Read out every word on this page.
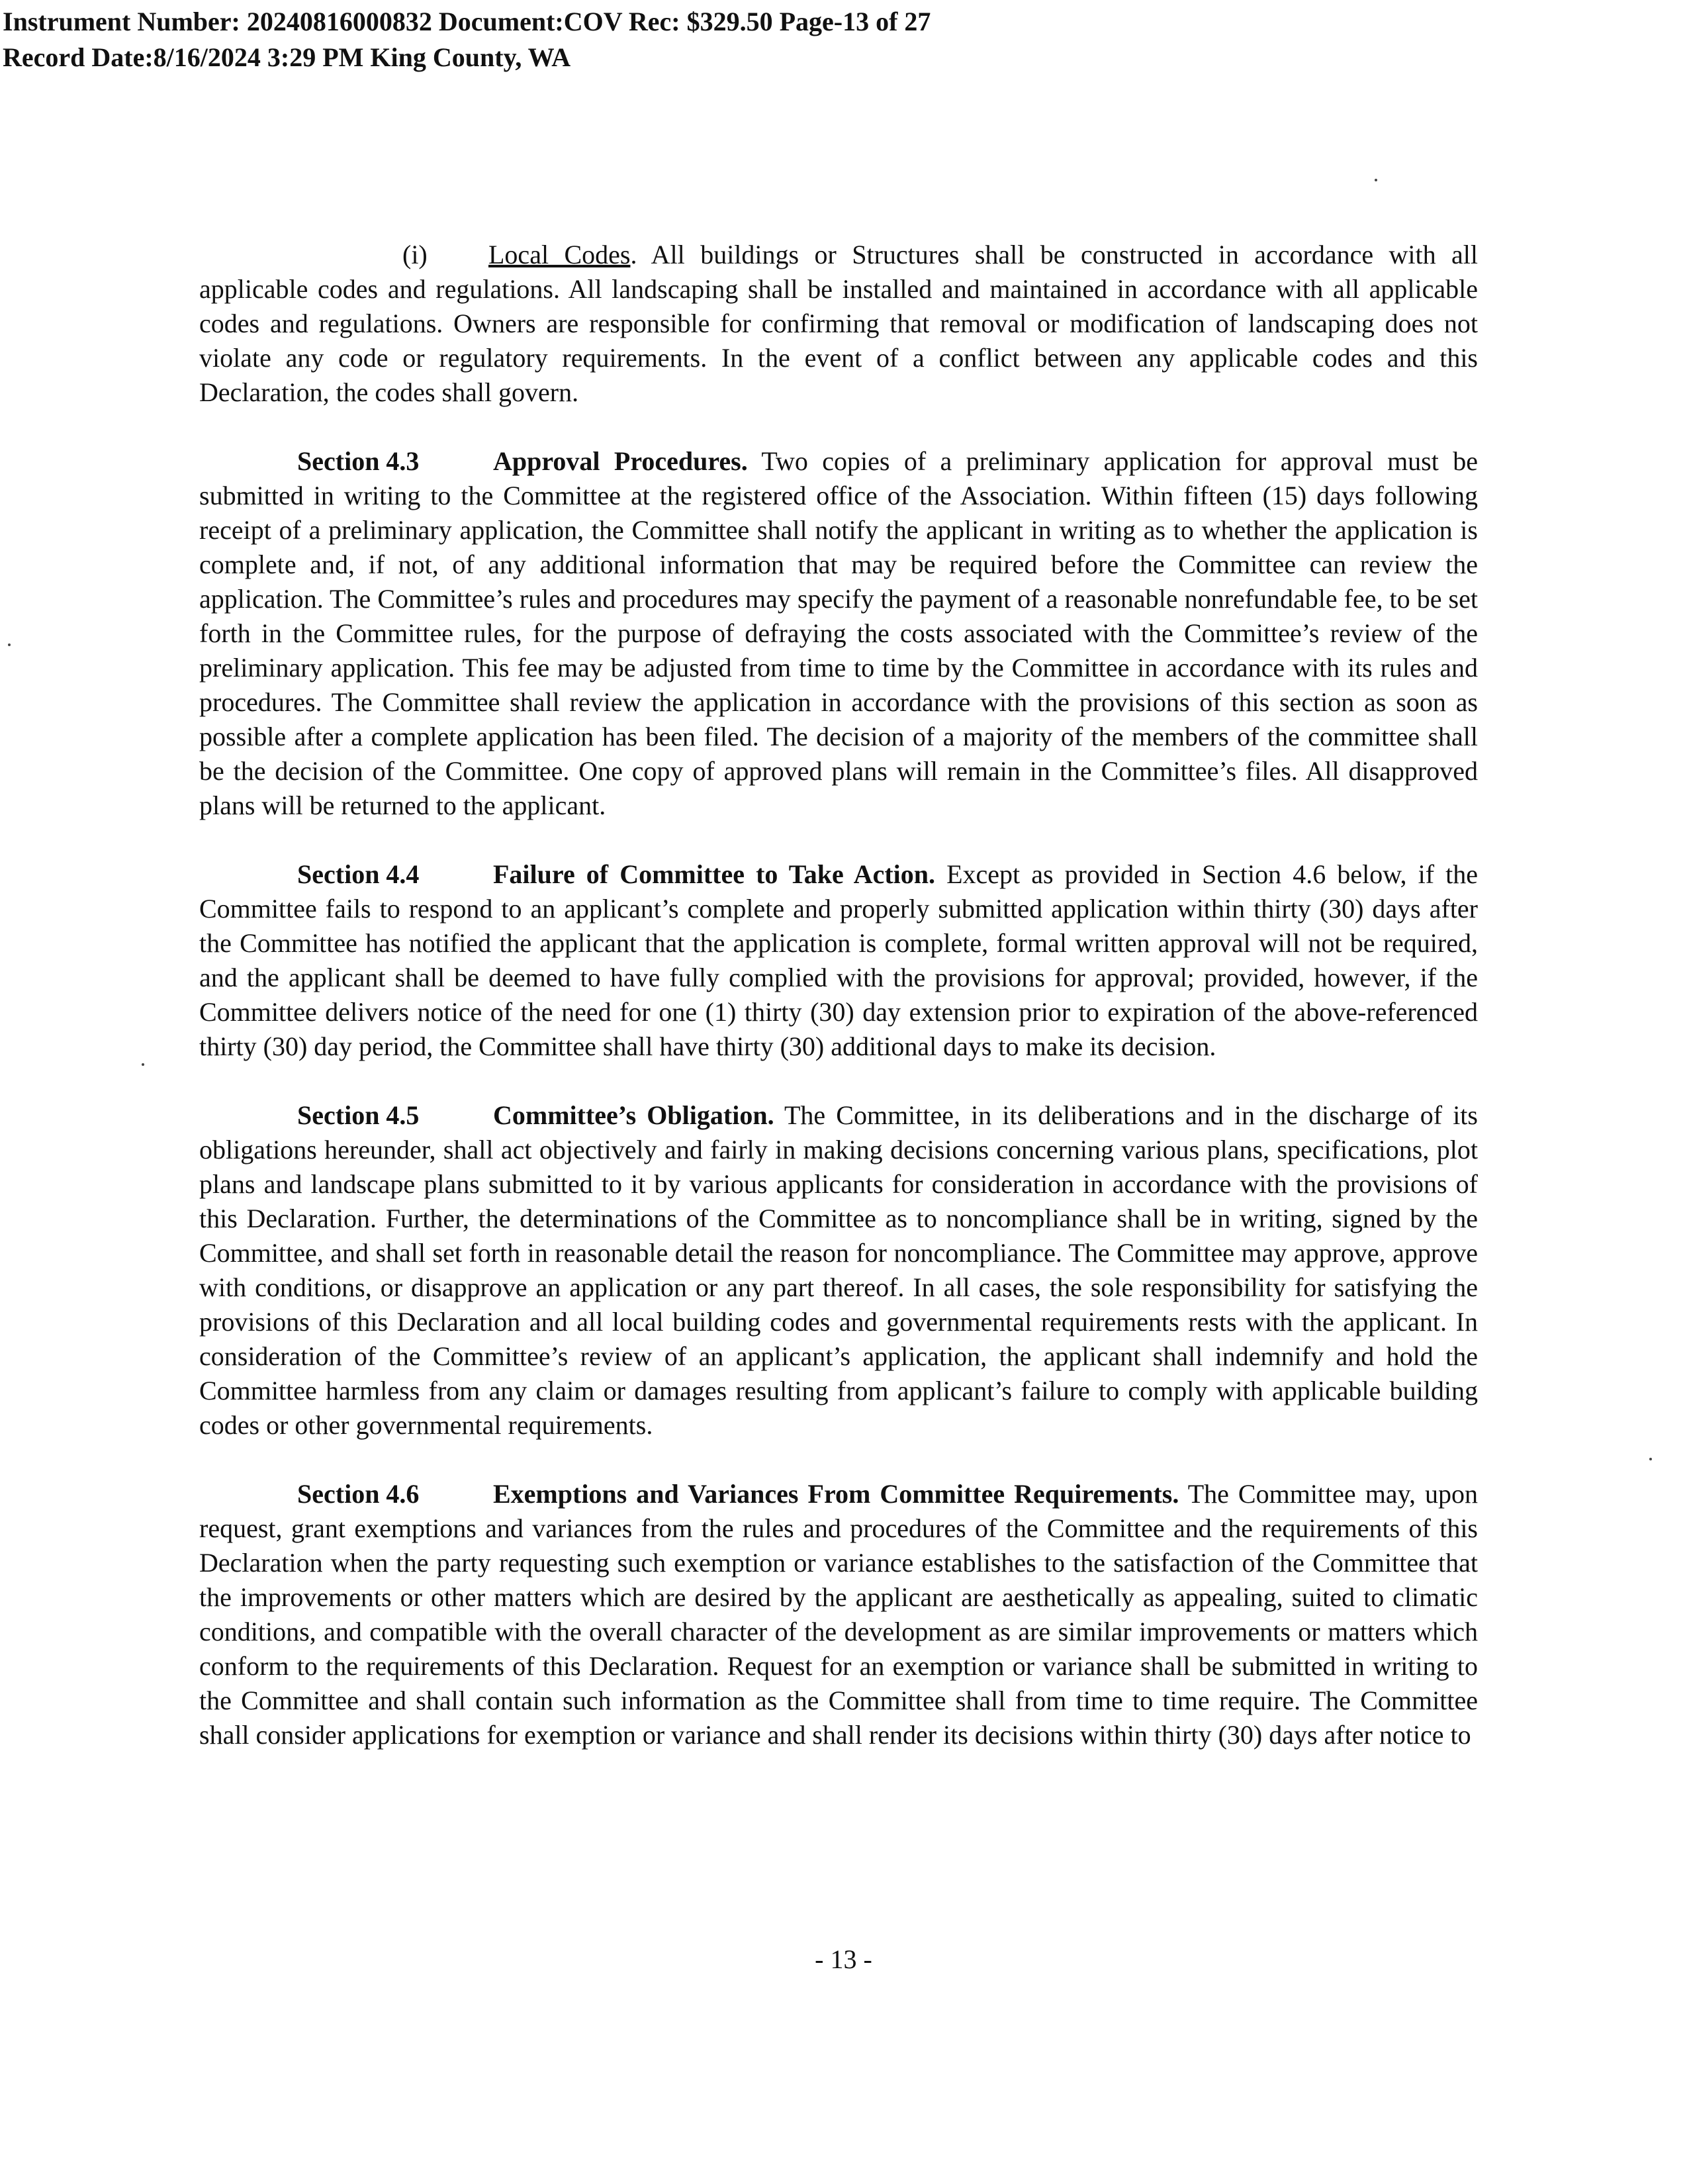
Instrument Number: 20240816000832 Document:COV Rec: $329.50 Page-13 of 27
Record Date:8/16/2024 3:29 PM King County, WA

(i) Local Codes. All buildings or Structures shall be constructed in accordance with all applicable codes and regulations. All landscaping shall be installed and maintained in accordance with all applicable codes and regulations. Owners are responsible for confirming that removal or modification of landscaping does not violate any code or regulatory requirements. In the event of a conflict between any applicable codes and this Declaration, the codes shall govern.

Section 4.3	Approval Procedures. Two copies of a preliminary application for approval must be submitted in writing to the Committee at the registered office of the Association. Within fifteen (15) days following receipt of a preliminary application, the Committee shall notify the applicant in writing as to whether the application is complete and, if not, of any additional information that may be required before the Committee can review the application. The Committee’s rules and procedures may specify the payment of a reasonable nonrefundable fee, to be set forth in the Committee rules, for the purpose of defraying the costs associated with the Committee’s review of the preliminary application. This fee may be adjusted from time to time by the Committee in accordance with its rules and procedures. The Committee shall review the application in accordance with the provisions of this section as soon as possible after a complete application has been filed. The decision of a majority of the members of the committee shall be the decision of the Committee. One copy of approved plans will remain in the Committee’s files. All disapproved plans will be returned to the applicant.

Section 4.4	Failure of Committee to Take Action. Except as provided in Section 4.6 below, if the Committee fails to respond to an applicant’s complete and properly submitted application within thirty (30) days after the Committee has notified the applicant that the application is complete, formal written approval will not be required, and the applicant shall be deemed to have fully complied with the provisions for approval; provided, however, if the Committee delivers notice of the need for one (1) thirty (30) day extension prior to expiration of the above-referenced thirty (30) day period, the Committee shall have thirty (30) additional days to make its decision.

Section 4.5	Committee’s Obligation. The Committee, in its deliberations and in the discharge of its obligations hereunder, shall act objectively and fairly in making decisions concerning various plans, specifications, plot plans and landscape plans submitted to it by various applicants for consideration in accordance with the provisions of this Declaration. Further, the determinations of the Committee as to noncompliance shall be in writing, signed by the Committee, and shall set forth in reasonable detail the reason for noncompliance. The Committee may approve, approve with conditions, or disapprove an application or any part thereof. In all cases, the sole responsibility for satisfying the provisions of this Declaration and all local building codes and governmental requirements rests with the applicant. In consideration of the Committee’s review of an applicant’s application, the applicant shall indemnify and hold the Committee harmless from any claim or damages resulting from applicant’s failure to comply with applicable building codes or other governmental requirements.

Section 4.6	Exemptions and Variances From Committee Requirements. The Committee may, upon request, grant exemptions and variances from the rules and procedures of the Committee and the requirements of this Declaration when the party requesting such exemption or variance establishes to the satisfaction of the Committee that the improvements or other matters which are desired by the applicant are aesthetically as appealing, suited to climatic conditions, and compatible with the overall character of the development as are similar improvements or matters which conform to the requirements of this Declaration. Request for an exemption or variance shall be submitted in writing to the Committee and shall contain such information as the Committee shall from time to time require. The Committee shall consider applications for exemption or variance and shall render its decisions within thirty (30) days after notice to

- 13 -
